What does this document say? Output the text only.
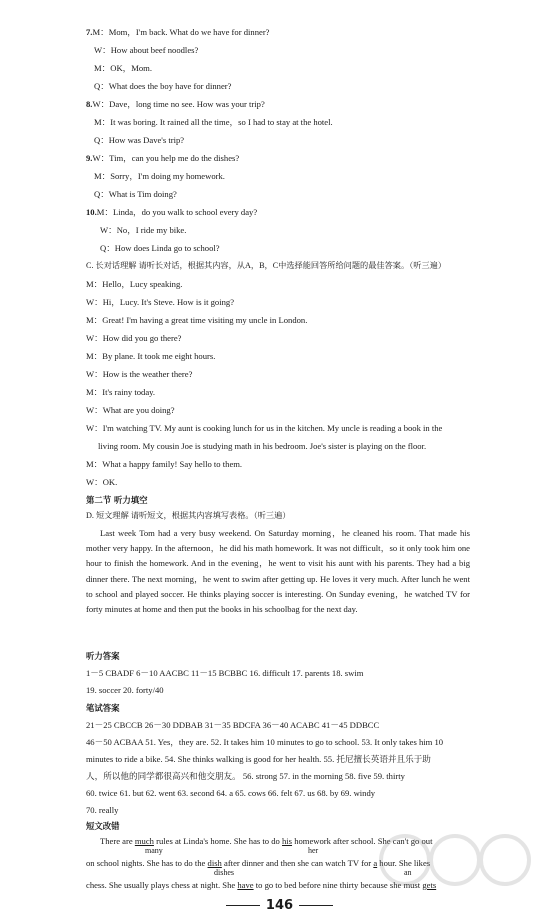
7.M：Mom，I'm back. What do we have for dinner?
W：How about beef noodles?
M：OK，Mom.
Q：What does the boy have for dinner?
8.W：Dave，long time no see. How was your trip?
M：It was boring. It rained all the time，so I had to stay at the hotel.
Q：How was Dave's trip?
9.W：Tim，can you help me do the dishes?
M：Sorry，I'm doing my homework.
Q：What is Tim doing?
10.M：Linda，do you walk to school every day?
W：No，I ride my bike.
Q：How does Linda go to school?
C. 长对话理解 请听长对话，根据其内容，从A，B，C中选择能回答所给问题的最佳答案。（听三遍）
M：Hello，Lucy speaking.
W：Hi，Lucy. It's Steve. How is it going?
M：Great! I'm having a great time visiting my uncle in London.
W：How did you go there?
M：By plane. It took me eight hours.
W：How is the weather there?
M：It's rainy today.
W：What are you doing?
W：I'm watching TV. My aunt is cooking lunch for us in the kitchen. My uncle is reading a book in the
living room. My cousin Joe is studying math in his bedroom. Joe's sister is playing on the floor.
M：What a happy family! Say hello to them.
W：OK.
第二节 听力填空
D. 短文理解 请听短文，根据其内容填写表格。（听三遍）
Last week Tom had a very busy weekend. On Saturday morning，he cleaned his room. That made his mother very happy. In the afternoon，he did his math homework. It was not difficult，so it only took him one hour to finish the homework. And in the evening，he went to visit his aunt with his parents. They had a big dinner there. The next morning，he went to swim after getting up. He loves it very much. After lunch he went to school and played soccer. He thinks playing soccer is interesting. On Sunday evening，he watched TV for forty minutes at home and then put the books in his schoolbag for the next day.
听力答案
1－5 CBADF 6－10 AACBC 11－15 BCBBC 16. difficult 17. parents 18. swim
19. soccer 20. forty/40
笔试答案
21－25 CBCCB 26－30 DDBAB 31－35 BDCFA 36－40 ACABC 41－45 DDBCC
46－50 ACBAA 51. Yes，they are. 52. It takes him 10 minutes to go to school. 53. It only takes him 10
minutes to ride a bike. 54. She thinks walking is good for her health. 55. 托尼擅长英语并且乐于助
人，所以他的同学都很高兴和他交朋友。 56. strong 57. in the morning 58. five 59. thirty
60. twice 61. but 62. went 63. second 64. a 65. cows 66. felt 67. us 68. by 69. windy
70. really
短文改错
There are much rules at Linda's home. She has to do his homework after school. She can't go out
many	her
on school nights. She has to do the dish after dinner and then she can watch TV for a hour. She likes
dishes	an
chess. She usually plays chess at night. She have to go to bed before nine thirty because she must gets
146
